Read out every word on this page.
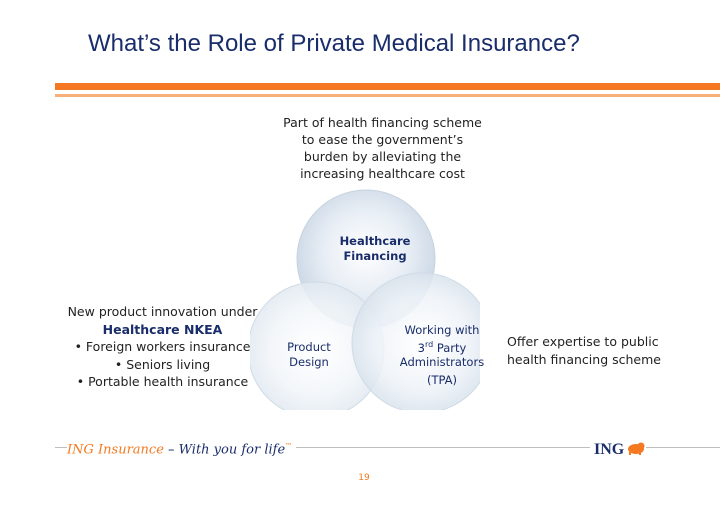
What’s the Role of Private Medical Insurance?
Part of health financing scheme
to ease the government’s
burden by alleviating the
increasing healthcare cost
Healthcare
Financing
Product
Design
Working with
3rd Party
Administrators
(TPA)
New product innovation under
Healthcare NKEA
• Foreign workers insurance
• Seniors living
• Portable health insurance
Offer expertise to public
health financing scheme
ING Insurance – With you for life™	ING
19
